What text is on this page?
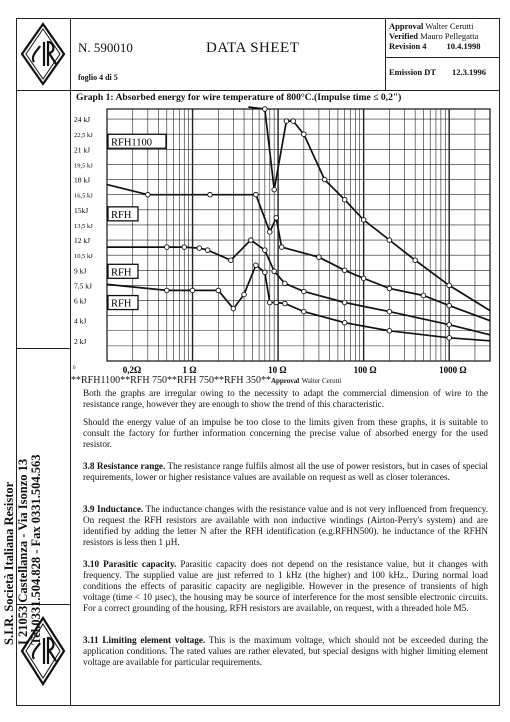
N. 590010
foglio 4 di 5
DATA SHEET
Approval Walter Cerutti
Verified Mauro Pellegatta
Revision 4 10.4.1998
Emission DT 12.3.1996
Graph 1: Absorbed energy for wire temperature of 800°C.(Impulse time ≤ 0,2")
24 kJ
22,5 kJ
21 kJ
19,5 kJ
18 kJ
16,5 kJ
15kJ
13,5 kJ
12 kJ
10,5 kJ
9 kJ
7,5 kJ
6 kJ
4 kJ
2 kJ
0	0,2Ω	1 Ω	10 Ω	100 Ω	1000 Ω
RFH1100
RFH
RFH
RFH
**RFH1100**RFH 750**RFH 750**RFH 350**Approval Walter Cerutti
Both the graphs are irregular owing to the necessity to adapt the commercial dimension of wire to the resistance range, however they are enough to show the trend of this characteristic.
Should the energy value of an impulse be too close to the limits given from these graphs, it is suitable to consult the factory for further information concerning the precise value of absorbed energy for the used resistor.
3.8 Resistance range. The resistance range fulfils almost all the use of power resistors, but in cases of special requirements, lower or higher resistance values are available on request as well as closer tolerances.
3.9 Inductance. The inductance changes with the resistance value and is not very influenced from frequency. On request the RFH resistors are available with non inductive windings (Airton-Perry's system) and are identified by adding the letter N after the RFH identification (e.g.RFHN500). he inductance of the RFHN resistors is less then 1 µH.
3.10 Parasitic capacity. Parasitic capacity does not depend on the resistance value, but it changes with frequency. The supplied value are just referred to 1 kHz (the higher) and 100 kHz.. During normal load conditions the effects of parasitic capacity are negligible. However in the presence of transients of high voltage (time < 10 µsec), the housing may be source of interference for the most sensible electronic circuits. For a correct grounding of the housing, RFH resistors are available, on request, with a threaded hole M5.
3.11 Limiting element voltage. This is the maximum voltage, which should not be exceeded during the application conditions. The rated values are rather elevated, but special designs with higher limiting element voltage are available for particular requirements.
S.I.R. Società Italiana Resistor I 21053 Castellanza - Via Isonzo 13 Tel.0331.504.828 - Fax 0331.504.563
